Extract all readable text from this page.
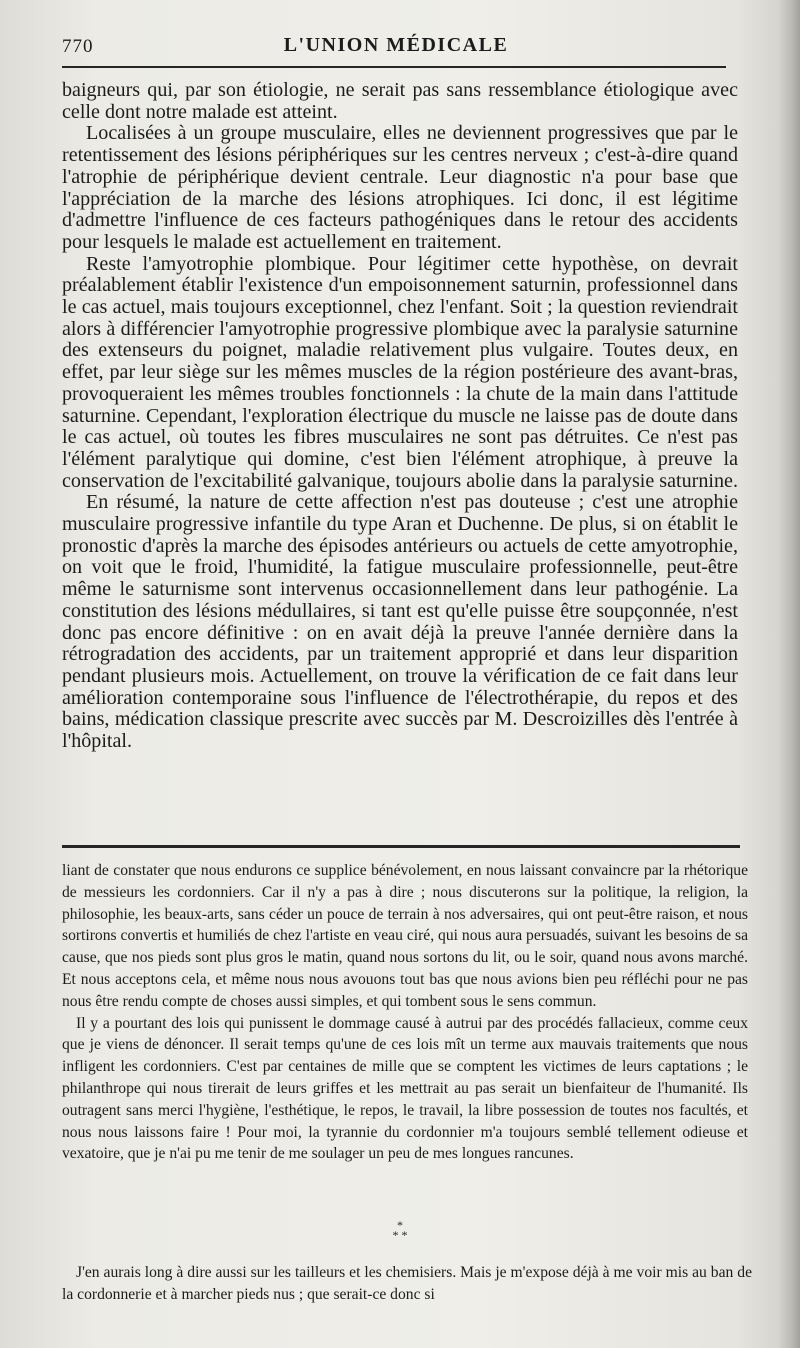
770	L'UNION MÉDICALE

baigneurs qui, par son étiologie, ne serait pas sans ressemblance étiologique avec celle dont notre malade est atteint.

Localisées à un groupe musculaire, elles ne deviennent progressives que par le retentissement des lésions périphériques sur les centres nerveux ; c'est-à-dire quand l'atrophie de périphérique devient centrale. Leur diagnostic n'a pour base que l'appréciation de la marche des lésions atrophiques. Ici donc, il est légitime d'admettre l'influence de ces facteurs pathogéniques dans le retour des accidents pour lesquels le malade est actuellement en traitement.

Reste l'amyotrophie plombique. Pour légitimer cette hypothèse, on devrait préalablement établir l'existence d'un empoisonnement saturnin, professionnel dans le cas actuel, mais toujours exceptionnel, chez l'enfant. Soit ; la question reviendrait alors à différencier l'amyotrophie progressive plombique avec la paralysie saturnine des extenseurs du poignet, maladie relativement plus vulgaire. Toutes deux, en effet, par leur siège sur les mêmes muscles de la région postérieure des avant-bras, provoqueraient les mêmes troubles fonctionnels : la chute de la main dans l'attitude saturnine. Cependant, l'exploration électrique du muscle ne laisse pas de doute dans le cas actuel, où toutes les fibres musculaires ne sont pas détruites. Ce n'est pas l'élément paralytique qui domine, c'est bien l'élément atrophique, à preuve la conservation de l'excitabilité galvanique, toujours abolie dans la paralysie saturnine.

En résumé, la nature de cette affection n'est pas douteuse ; c'est une atrophie musculaire progressive infantile du type Aran et Duchenne. De plus, si on établit le pronostic d'après la marche des épisodes antérieurs ou actuels de cette amyotrophie, on voit que le froid, l'humidité, la fatigue musculaire professionnelle, peut-être même le saturnisme sont intervenus occasionnellement dans leur pathogénie. La constitution des lésions médullaires, si tant est qu'elle puisse être soupçonnée, n'est donc pas encore définitive : on en avait déjà la preuve l'année dernière dans la rétrogradation des accidents, par un traitement approprié et dans leur disparition pendant plusieurs mois. Actuellement, on trouve la vérification de ce fait dans leur amélioration contemporaine sous l'influence de l'électrothérapie, du repos et des bains, médication classique prescrite avec succès par M. Descroizilles dès l'entrée à l'hôpital.

liant de constater que nous endurons ce supplice bénévolement, en nous laissant convaincre par la rhétorique de messieurs les cordonniers. Car il n'y a pas à dire ; nous discuterons sur la politique, la religion, la philosophie, les beaux-arts, sans céder un pouce de terrain à nos adversaires, qui ont peut-être raison, et nous sortirons convertis et humiliés de chez l'artiste en veau ciré, qui nous aura persuadés, suivant les besoins de sa cause, que nos pieds sont plus gros le matin, quand nous sortons du lit, ou le soir, quand nous avons marché. Et nous acceptons cela, et même nous nous avouons tout bas que nous avions bien peu réfléchi pour ne pas nous être rendu compte de choses aussi simples, et qui tombent sous le sens commun.

Il y a pourtant des lois qui punissent le dommage causé à autrui par des procédés fallacieux, comme ceux que je viens de dénoncer. Il serait temps qu'une de ces lois mît un terme aux mauvais traitements que nous infligent les cordonniers. C'est par centaines de mille que se comptent les victimes de leurs captations ; le philanthrope qui nous tirerait de leurs griffes et les mettrait au pas serait un bienfaiteur de l'humanité. Ils outragent sans merci l'hygiène, l'esthétique, le repos, le travail, la libre possession de toutes nos facultés, et nous nous laissons faire ! Pour moi, la tyrannie du cordonnier m'a toujours semblé tellement odieuse et vexatoire, que je n'ai pu me tenir de me soulager un peu de mes longues rancunes.

*
* *

J'en aurais long à dire aussi sur les tailleurs et les chemisiers. Mais je m'expose déjà à me voir mis au ban de la cordonnerie et à marcher pieds nus ; que serait-ce donc si
